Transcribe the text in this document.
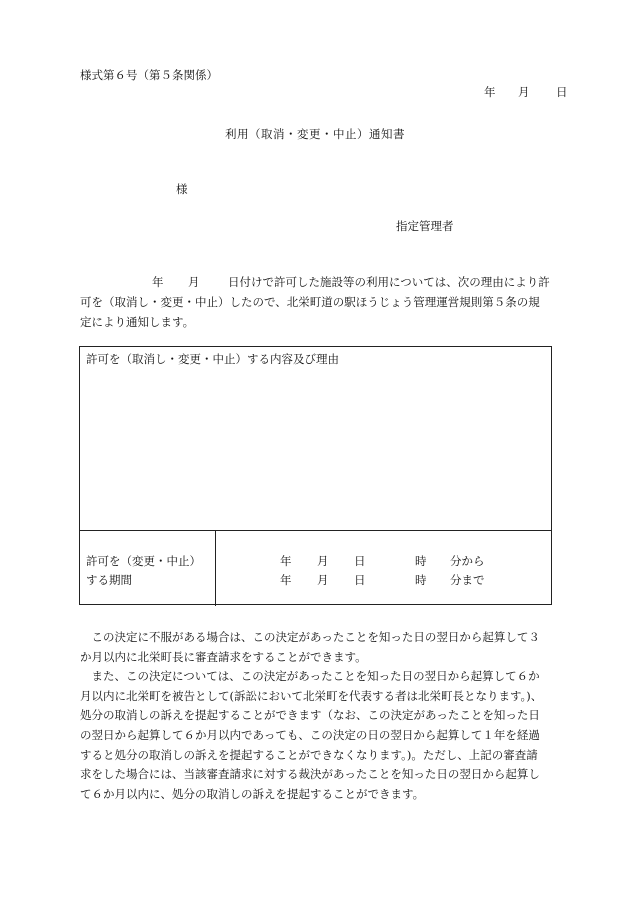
様式第６号（第５条関係）
年 月 日
利用（取消・変更・中止）通知書
様
指定管理者
年 月 日付けで許可した施設等の利用については、次の理由により許
可を（取消し・変更・中止）したので、北栄町道の駅ほうじょう管理運営規則第５条の規
定により通知します。
許可を（取消し・変更・中止）する内容及び理由
許可を（変更・中止）
する期間
年 月 日	時 分から
年 月 日	時 分まで
　この決定に不服がある場合は、この決定があったことを知った日の翌日から起算して３
か月以内に北栄町長に審査請求をすることができます。
　また、この決定については、この決定があったことを知った日の翌日から起算して６か
月以内に北栄町を被告として(訴訟において北栄町を代表する者は北栄町長となります。)、
処分の取消しの訴えを提起することができます（なお、この決定があったことを知った日
の翌日から起算して６か月以内であっても、この決定の日の翌日から起算して１年を経過
すると処分の取消しの訴えを提起することができなくなります。)。ただし、上記の審査請
求をした場合には、当該審査請求に対する裁決があったことを知った日の翌日から起算し
て６か月以内に、処分の取消しの訴えを提起することができます。
